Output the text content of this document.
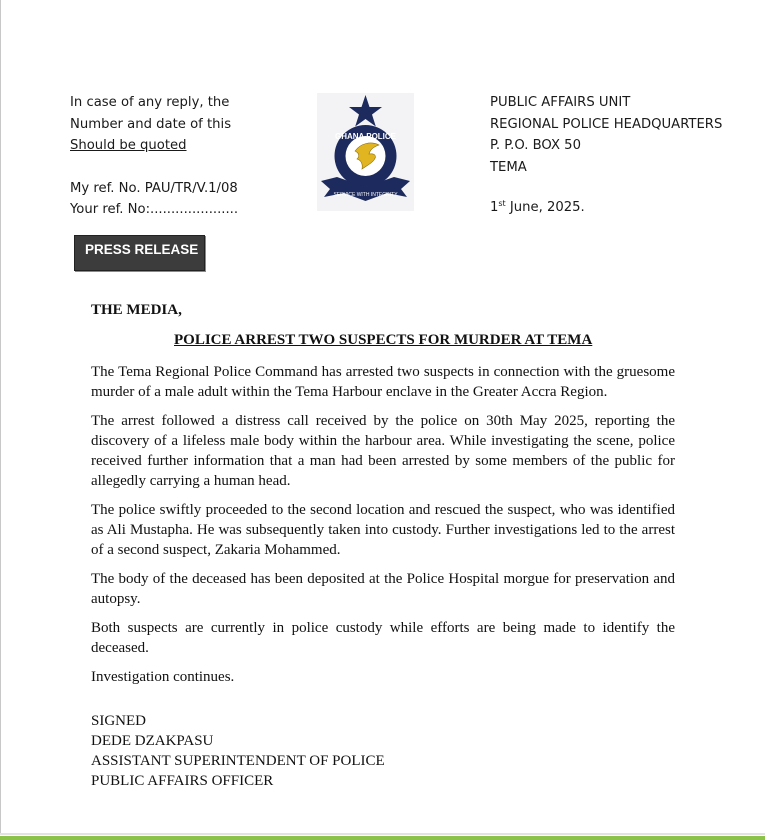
In case of any reply, the
Number and date of this
Should be quoted
My ref. No. PAU/TR/V.1/08
Your ref. No:.....................
GHANA POLICE
SERVICE WITH INTEGRITY
PUBLIC AFFAIRS UNIT
REGIONAL POLICE HEADQUARTERS
P. P.O. BOX 50
TEMA
1st June, 2025.
PRESS RELEASE
THE MEDIA,
POLICE ARREST TWO SUSPECTS FOR MURDER AT TEMA

The Tema Regional Police Command has arrested two suspects in connection with the gruesome murder of a male adult within the Tema Harbour enclave in the Greater Accra Region.

The arrest followed a distress call received by the police on 30th May 2025, reporting the discovery of a lifeless male body within the harbour area. While investigating the scene, police received further information that a man had been arrested by some members of the public for allegedly carrying a human head.

The police swiftly proceeded to the second location and rescued the suspect, who was identified as Ali Mustapha. He was subsequently taken into custody. Further investigations led to the arrest of a second suspect, Zakaria Mohammed.

The body of the deceased has been deposited at the Police Hospital morgue for preservation and autopsy.

Both suspects are currently in police custody while efforts are being made to identify the deceased.

Investigation continues.

SIGNED
DEDE DZAKPASU
ASSISTANT SUPERINTENDENT OF POLICE
PUBLIC AFFAIRS OFFICER
